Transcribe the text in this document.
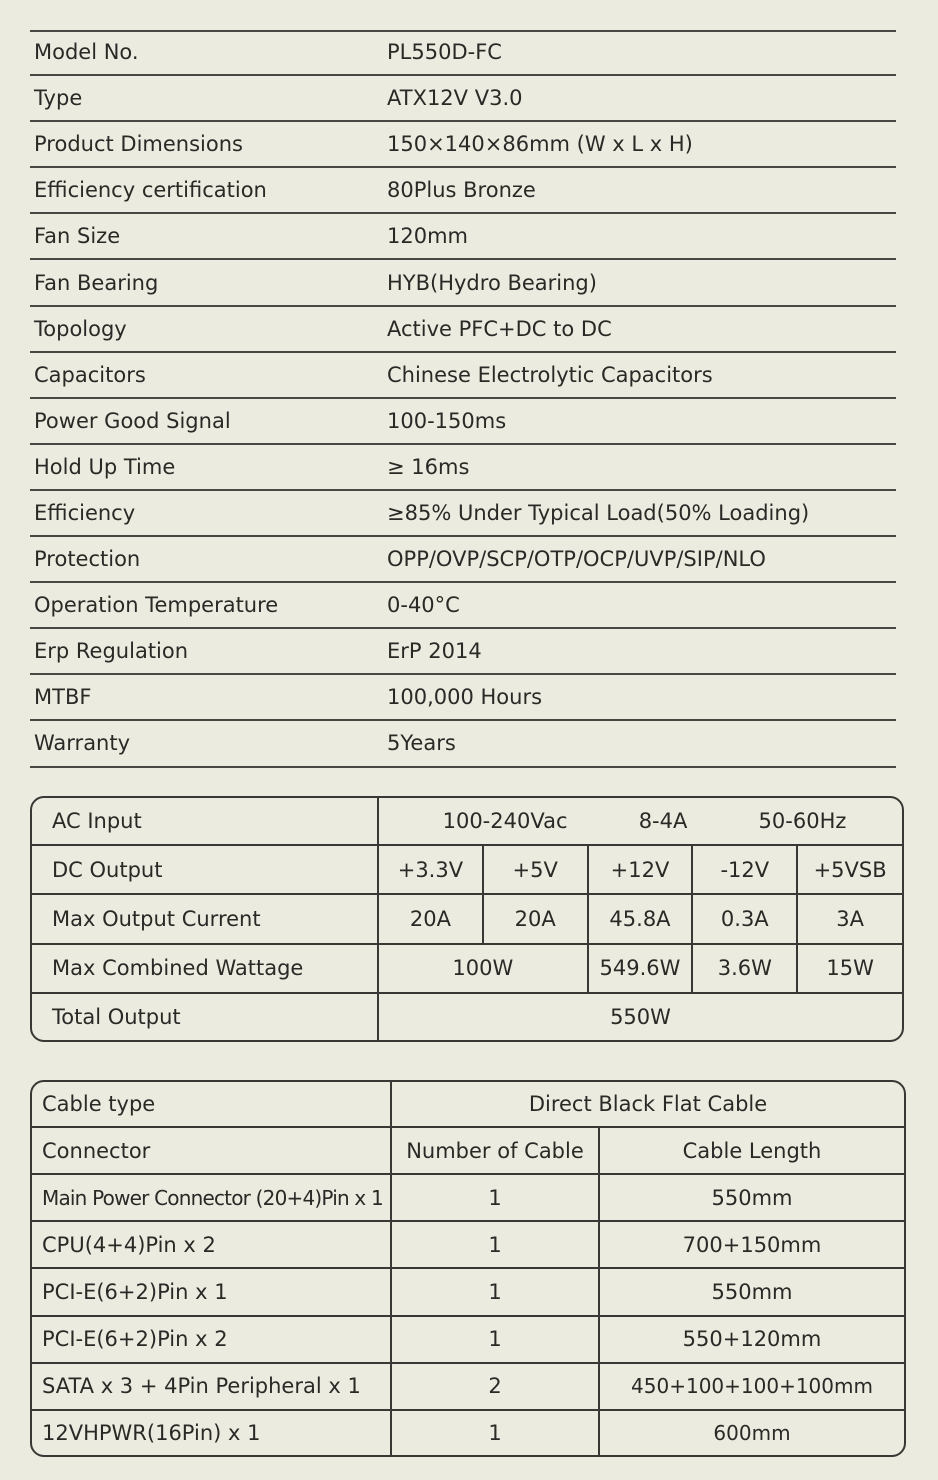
Model No.	PL550D-FC
Type	ATX12V V3.0
Product Dimensions	150×140×86mm (W x L x H)
Efficiency certification	80Plus Bronze
Fan Size	120mm
Fan Bearing	HYB(Hydro Bearing)
Topology	Active PFC+DC to DC
Capacitors	Chinese Electrolytic Capacitors
Power Good Signal	100-150ms
Hold Up Time	≥ 16ms
Efficiency	≥85% Under Typical Load(50% Loading)
Protection	OPP/OVP/SCP/OTP/OCP/UVP/SIP/NLO
Operation Temperature	0-40°C
Erp Regulation	ErP 2014
MTBF	100,000 Hours
Warranty	5Years
AC Input	100-240Vac 8-4A 50-60Hz				

DC Output	+3.3V	+5V	+12V	-12V	+5VSB
Max Output Current	20A	20A	45.8A	0.3A	3A
Max Combined Wattage	100W		549.6W	3.6W	15W
Total Output	550W				
Cable type	Direct Black Flat Cable	
Connector	Number of Cable	Cable Length
Main Power Connector (20+4)Pin x 1	1	550mm
CPU(4+4)Pin x 2	1	700+150mm
PCI-E(6+2)Pin x 1	1	550mm
PCI-E(6+2)Pin x 2	1	550+120mm
SATA x 3 + 4Pin Peripheral x 1	2	450+100+100+100mm
12VHPWR(16Pin) x 1	1	600mm
